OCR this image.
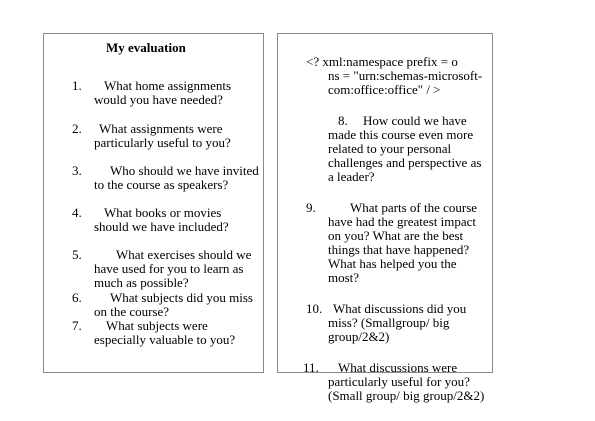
My evaluation
1.	What home assignments would you have needed?
2.	What assignments were particularly useful to you?
3.	Who should we have invited to the course as speakers?
4.	What books or movies should we have included?
5.	What exercises should we have used for you to learn as much as possible?
6.	What subjects did you miss on the course?
7.	What subjects were especially valuable to you?
<? xml:namespace prefix = o
ns = "urn:schemas-microsoft-com:office:office" / >
8.	How could we have made this course even more related to your personal challenges and perspective as a leader?
9.	What parts of the course have had the greatest impact on you? What are the best things that have happened? What has helped you the most?
10. What discussions did you miss? (Smallgroup/ big group/2&2)
11.	What discussions were particularly useful for you? (Small group/ big group/2&2)
